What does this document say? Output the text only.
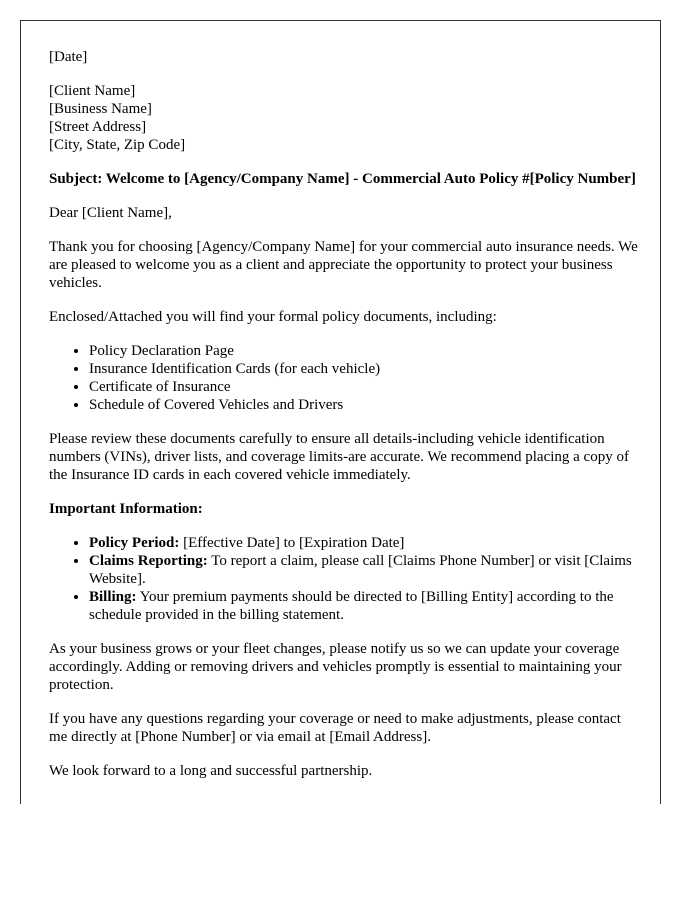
[Date]

[Client Name]
[Business Name]
[Street Address]
[City, State, Zip Code]

Subject: Welcome to [Agency/Company Name] - Commercial Auto Policy #[Policy Number]

Dear [Client Name],

Thank you for choosing [Agency/Company Name] for your commercial auto insurance needs. We are pleased to welcome you as a client and appreciate the opportunity to protect your business vehicles.

Enclosed/Attached you will find your formal policy documents, including:

• Policy Declaration Page
• Insurance Identification Cards (for each vehicle)
• Certificate of Insurance
• Schedule of Covered Vehicles and Drivers

Please review these documents carefully to ensure all details-including vehicle identification numbers (VINs), driver lists, and coverage limits-are accurate. We recommend placing a copy of the Insurance ID cards in each covered vehicle immediately.

Important Information:

• Policy Period: [Effective Date] to [Expiration Date]
• Claims Reporting: To report a claim, please call [Claims Phone Number] or visit [Claims Website].
• Billing: Your premium payments should be directed to [Billing Entity] according to the schedule provided in the billing statement.

As your business grows or your fleet changes, please notify us so we can update your coverage accordingly. Adding or removing drivers and vehicles promptly is essential to maintaining your protection.

If you have any questions regarding your coverage or need to make adjustments, please contact me directly at [Phone Number] or via email at [Email Address].

We look forward to a long and successful partnership.
